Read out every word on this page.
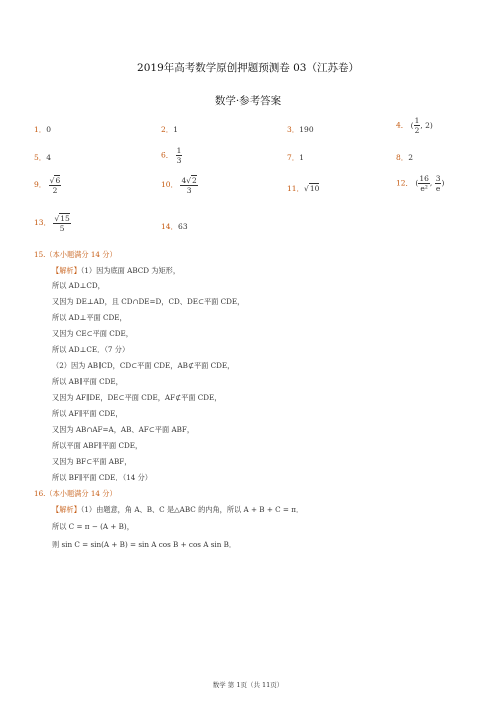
2019年高考数学原创押题预测卷 03（江苏卷）
数学·参考答案
1．0	2．1	3．190	4． ( $\frac{1}{2}$ , 2)
5．4	6． $\frac{1}{3}$	7．1	8．2
9． $\frac{√6}{2}$	10． $\frac{4√2}{3}$	11．√10
12． ( $\frac{16}{\text{e²}}$ , $\frac{3}{e}$ )
13． $\frac{√15}{5}$	14．63
15.（本小题满分 14 分）
【解析】（1）因为底面 ABCD 为矩形，
所以 AD⊥CD，
又因为 DE⊥AD，且 CD∩DE=D，CD、DE⊂平面 CDE，
所以 AD⊥平面 CDE，
又因为 CE⊂平面 CDE，
所以 AD⊥CE．（7 分）
（2）因为 AB∥CD，CD⊂平面 CDE，AB⊄平面 CDE，
所以 AB∥平面 CDE，
又因为 AF∥DE，DE⊂平面 CDE，AF⊄平面 CDE，
所以 AF∥平面 CDE，
又因为 AB∩AF=A，AB、AF⊂平面 ABF，
所以平面 ABF∥平面 CDE，
又因为 BF⊂平面 ABF，
所以 BF∥平面 CDE．（14 分）
16.（本小题满分 14 分）
【解析】（1）由题意，角 A、B、C 是△ABC 的内角，所以 A + B + C = π．
所以 C = π − (A + B)，
则 sin C = sin(A + B) = sin A cos B + cos A sin B．
数学 第 1页（共 11页）
